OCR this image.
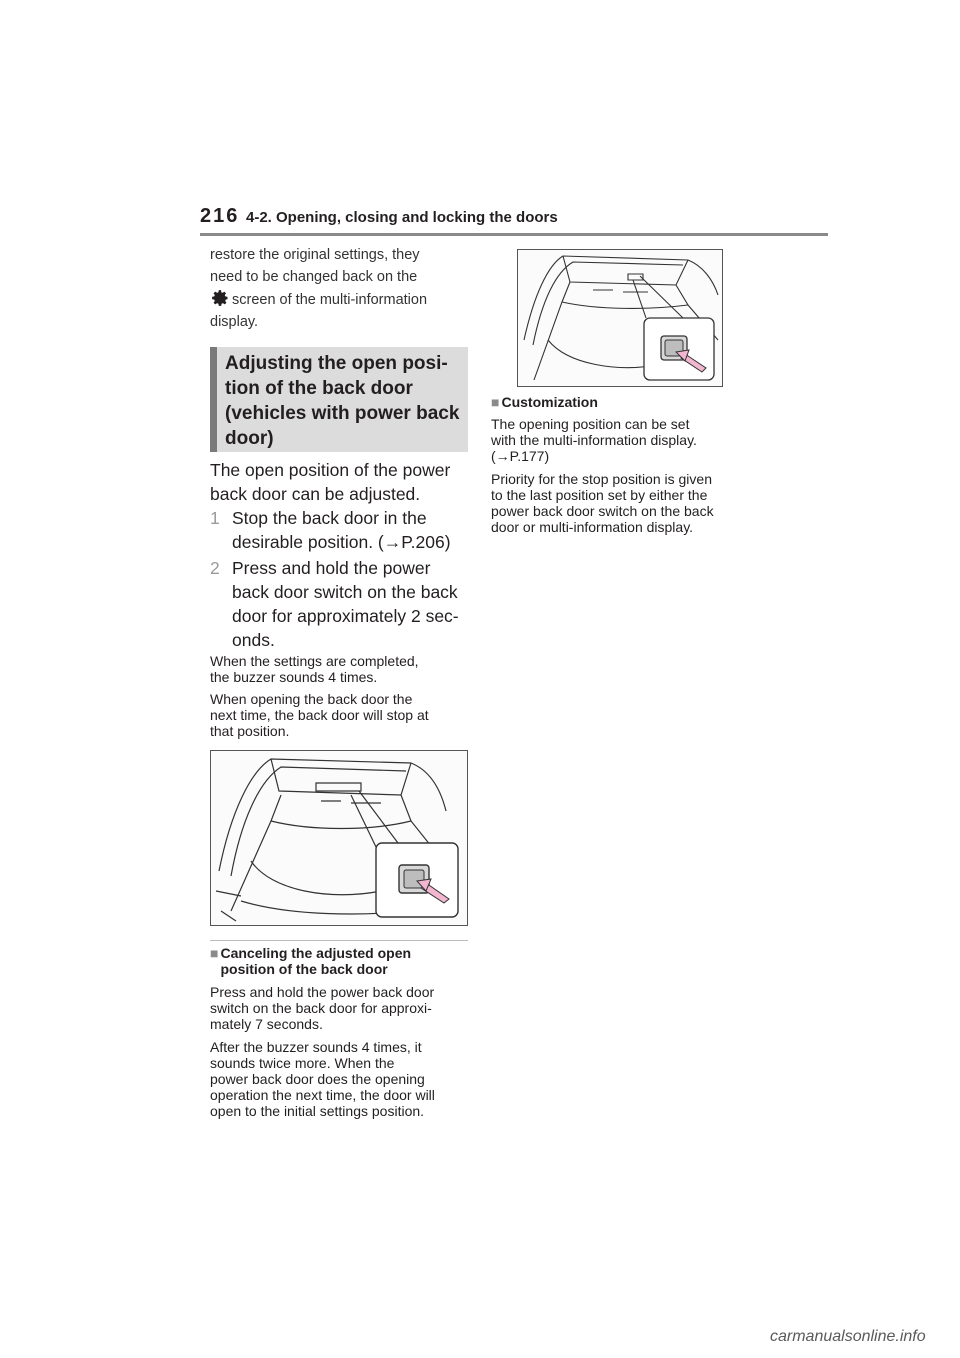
216 4-2. Opening, closing and locking the doors
restore the original settings, they
need to be changed back on the
screen of the multi-information
display.
Adjusting the open posi-
tion of the back door
(vehicles with power back
door)
The open position of the power
back door can be adjusted.
1 Stop the back door in the
desirable position. (→P.206)
2 Press and hold the power
back door switch on the back
door for approximately 2 sec-
onds.
When the settings are completed,
the buzzer sounds 4 times.
When opening the back door the
next time, the back door will stop at
that position.
■ Canceling the adjusted open
position of the back door
Press and hold the power back door
switch on the back door for approxi-
mately 7 seconds.
After the buzzer sounds 4 times, it
sounds twice more. When the
power back door does the opening
operation the next time, the door will
open to the initial settings position.
■ Customization
The opening position can be set
with the multi-information display.
(→P.177)
Priority for the stop position is given
to the last position set by either the
power back door switch on the back
door or multi-information display.
carmanualsonline.info
